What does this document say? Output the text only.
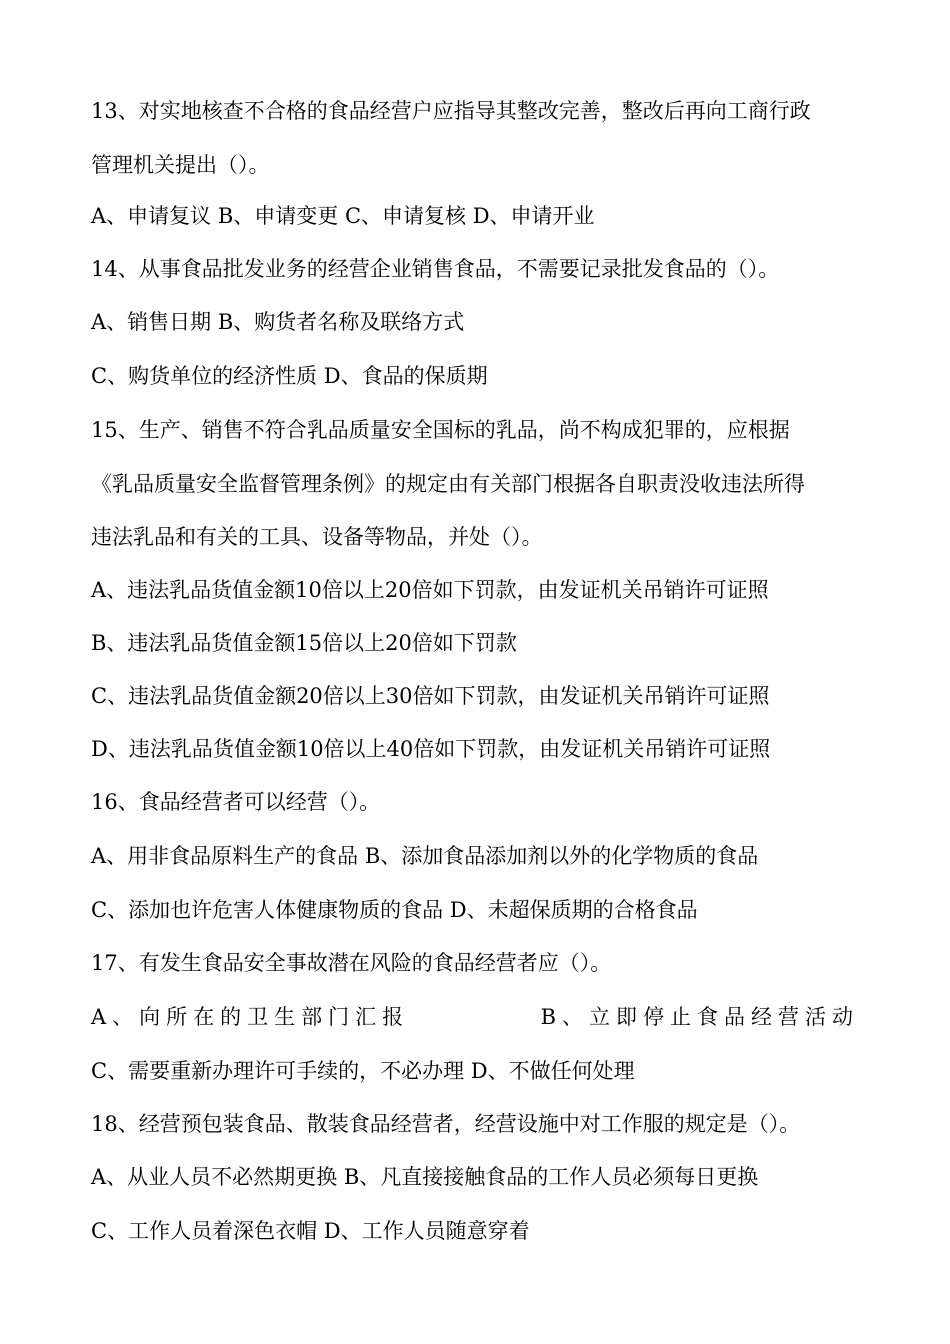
13、对实地核查不合格的食品经营户应指导其整改完善，整改后再向工商行政
管理机关提出（）。
A、申请复议 B、申请变更 C、申请复核 D、申请开业
14、从事食品批发业务的经营企业销售食品，不需要记录批发食品的（）。
A、销售日期 B、购货者名称及联络方式
C、购货单位的经济性质 D、食品的保质期
15、生产、销售不符合乳品质量安全国标的乳品，尚不构成犯罪的，应根据
《乳品质量安全监督管理条例》的规定由有关部门根据各自职责没收违法所得
违法乳品和有关的工具、设备等物品，并处（）。
A、违法乳品货值金额10倍以上20倍如下罚款，由发证机关吊销许可证照
B、违法乳品货值金额15倍以上20倍如下罚款
C、违法乳品货值金额20倍以上30倍如下罚款，由发证机关吊销许可证照
D、违法乳品货值金额10倍以上40倍如下罚款，由发证机关吊销许可证照
16、食品经营者可以经营（）。
A、用非食品原料生产的食品 B、添加食品添加剂以外的化学物质的食品
C、添加也许危害人体健康物质的食品 D、未超保质期的合格食品
17、有发生食品安全事故潜在风险的食品经营者应（）。
A、向所在的卫生部门汇报	B、立即停止食品经营活动
C、需要重新办理许可手续的，不必办理 D、不做任何处理
18、经营预包装食品、散装食品经营者，经营设施中对工作服的规定是（）。
A、从业人员不必然期更换 B、凡直接接触食品的工作人员必须每日更换
C、工作人员着深色衣帽 D、工作人员随意穿着
